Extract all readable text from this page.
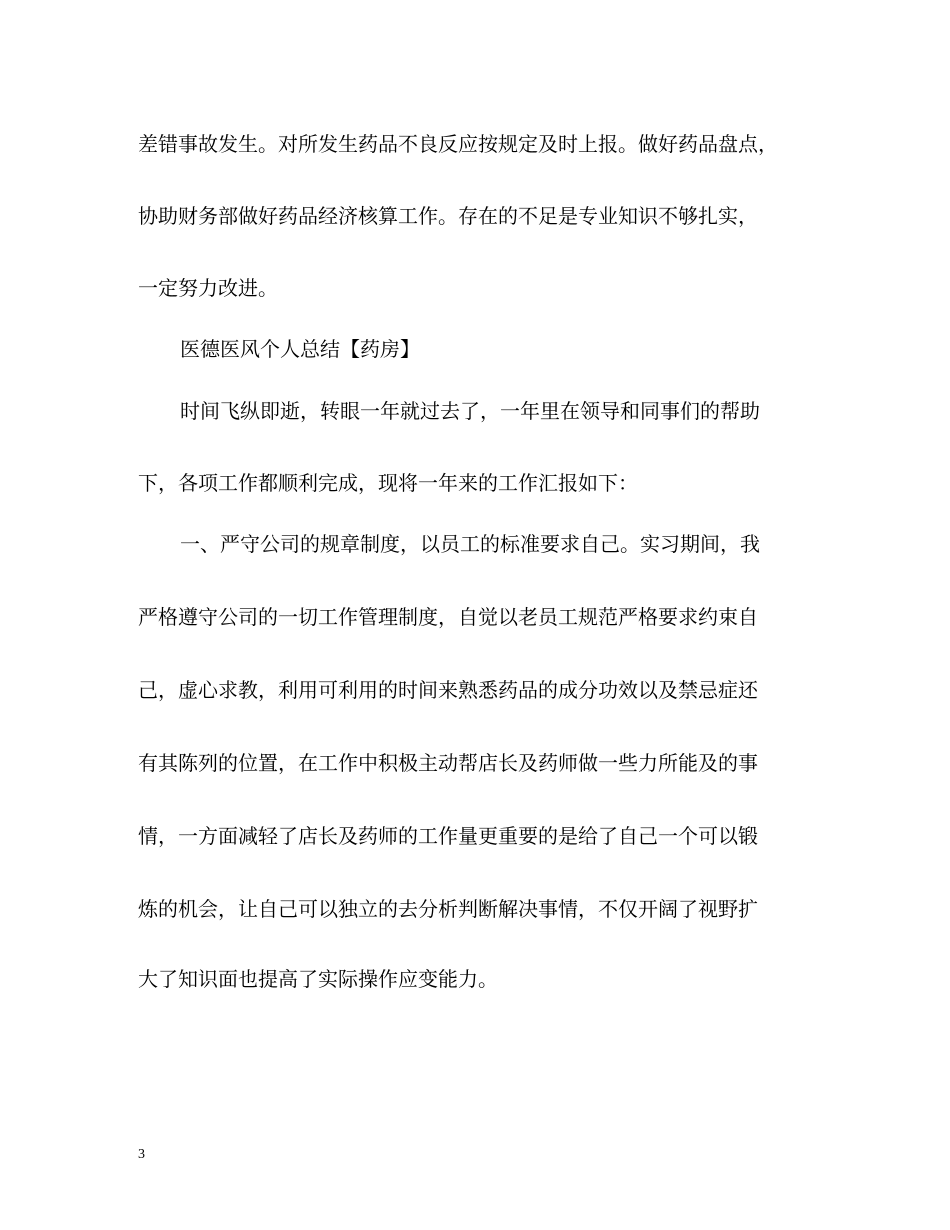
差错事故发生。对所发生药品不良反应按规定及时上报。做好药品盘点，
协助财务部做好药品经济核算工作。存在的不足是专业知识不够扎实，
一定努力改进。
医德医风个人总结【药房】
时间飞纵即逝，转眼一年就过去了，一年里在领导和同事们的帮助
下，各项工作都顺利完成，现将一年来的工作汇报如下：
一、严守公司的规章制度，以员工的标准要求自己。实习期间，我
严格遵守公司的一切工作管理制度，自觉以老员工规范严格要求约束自
己，虚心求教，利用可利用的时间来熟悉药品的成分功效以及禁忌症还
有其陈列的位置，在工作中积极主动帮店长及药师做一些力所能及的事
情，一方面减轻了店长及药师的工作量更重要的是给了自己一个可以锻
炼的机会，让自己可以独立的去分析判断解决事情，不仅开阔了视野扩
大了知识面也提高了实际操作应变能力。
3
